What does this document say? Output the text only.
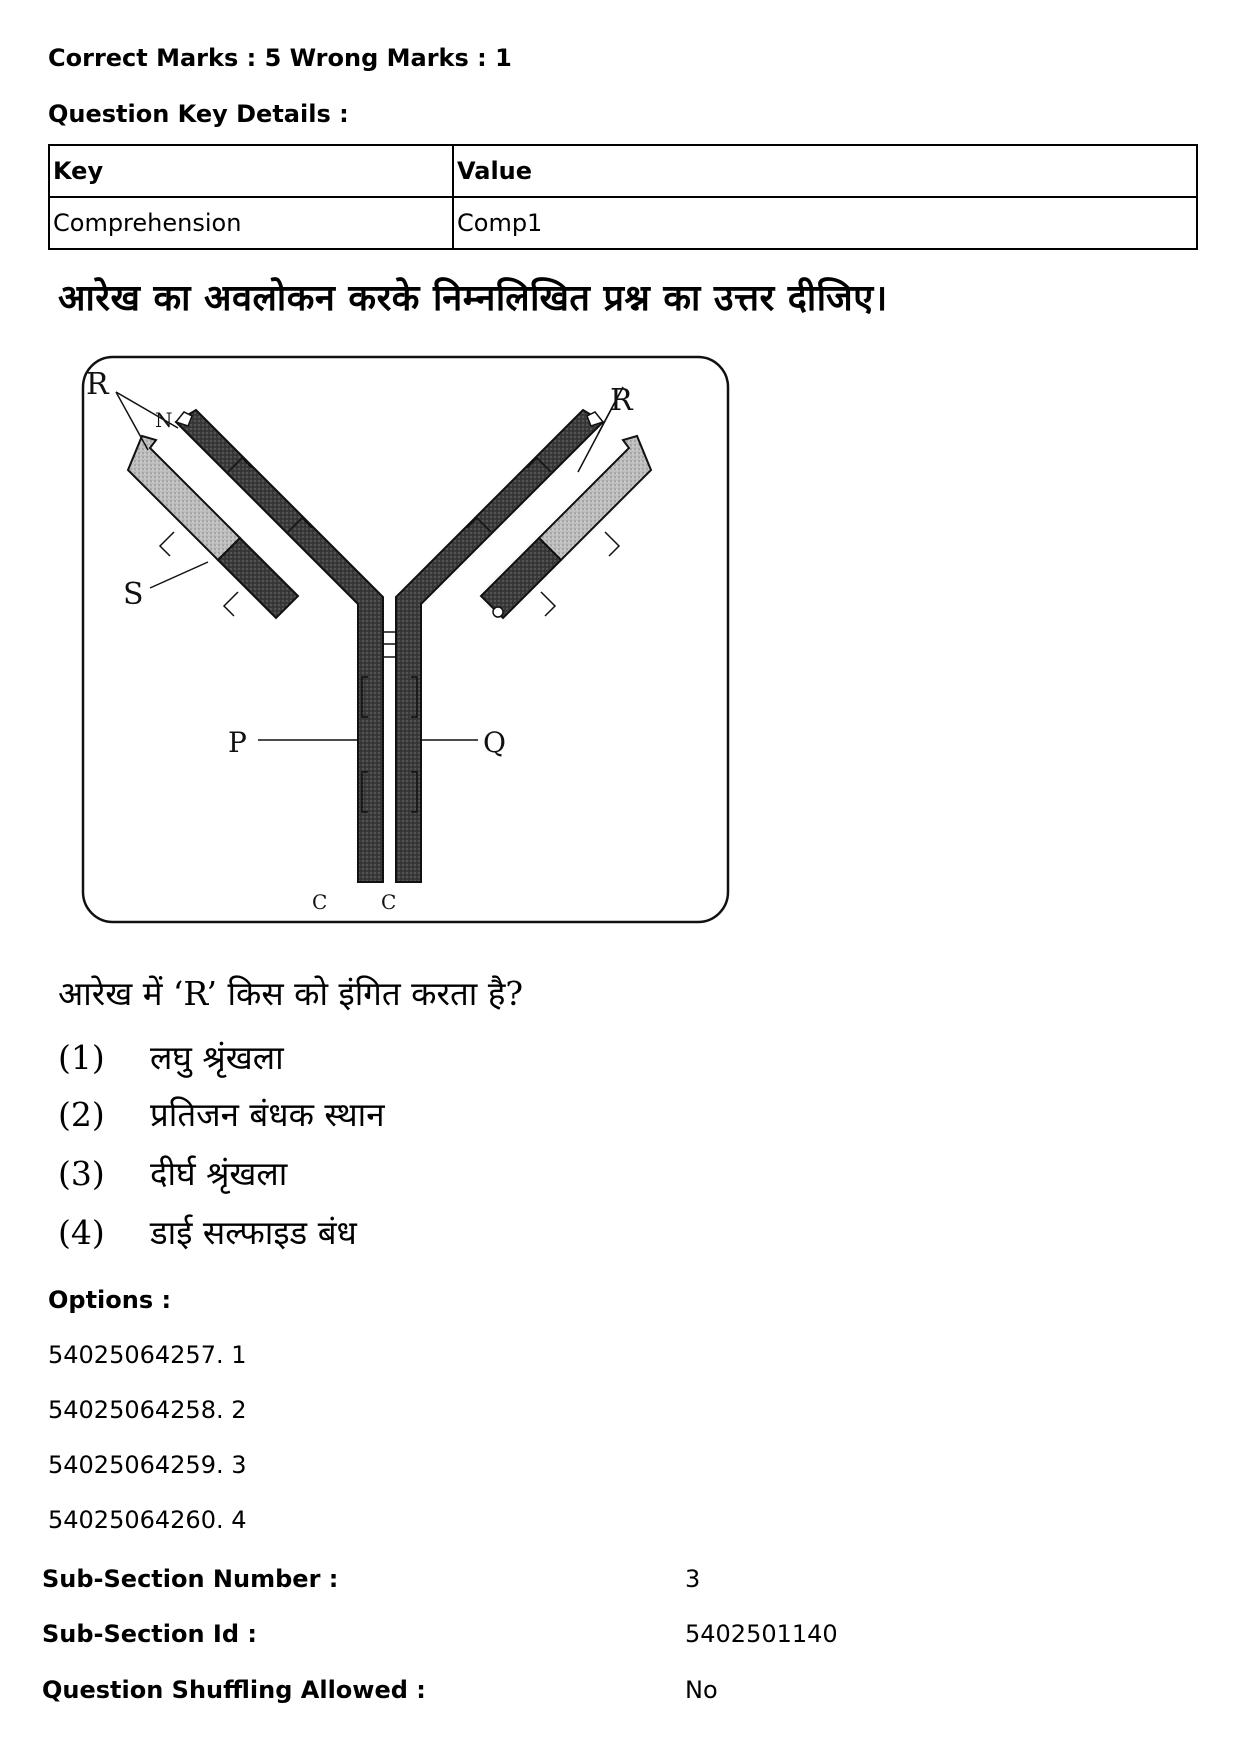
Correct Marks : 5 Wrong Marks : 1
Question Key Details :
Key	Value
Comprehension	Comp1
आरेख का अवलोकन करके निम्नलिखित प्रश्न का उत्तर दीजिए।
R	R
N
S
P	Q
C	C
आरेख में ‘R’ किस को इंगित करता है?
(1) लघु श्रृंखला
(2) प्रतिजन बंधक स्थान
(3) दीर्घ श्रृंखला
(4) डाई सल्फाइड बंध
Options :
54025064257. 1
54025064258. 2
54025064259. 3
54025064260. 4
Sub-Section Number :	3
Sub-Section Id :	5402501140
Question Shuffling Allowed :	No
